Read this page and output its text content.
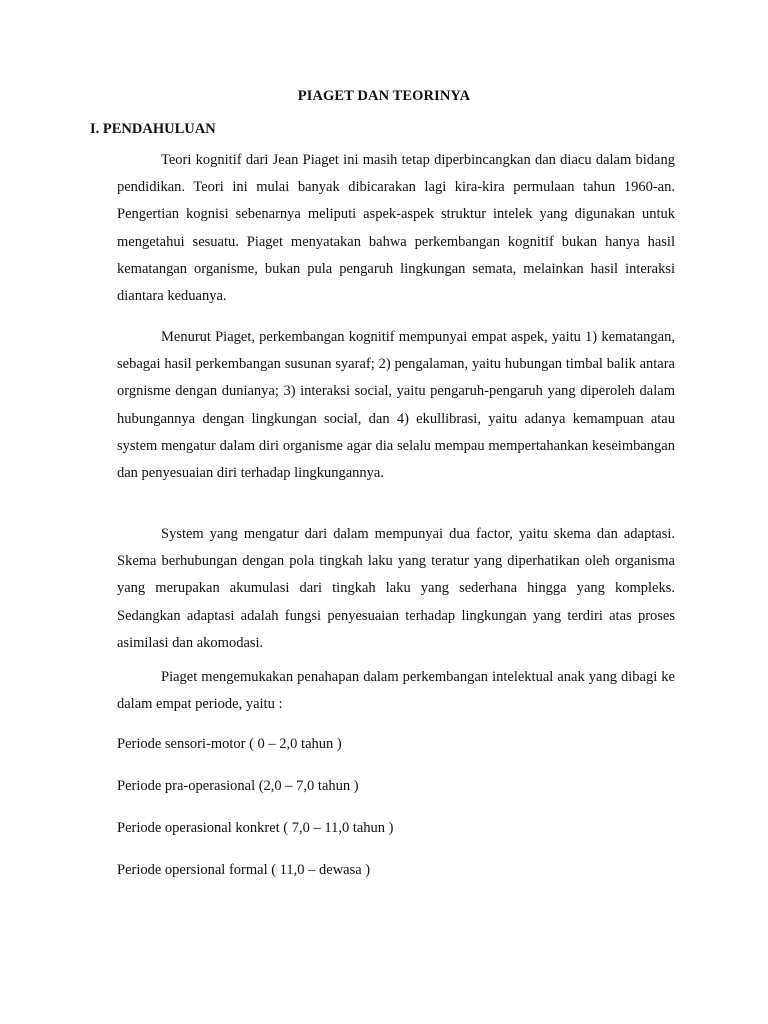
PIAGET DAN TEORINYA
I. PENDAHULUAN

Teori kognitif dari Jean Piaget ini masih tetap diperbincangkan dan diacu dalam bidang pendidikan. Teori ini mulai banyak dibicarakan lagi kira-kira permulaan tahun 1960-an. Pengertian kognisi sebenarnya meliputi aspek-aspek struktur intelek yang digunakan untuk mengetahui sesuatu. Piaget menyatakan bahwa perkembangan kognitif bukan hanya hasil kematangan organisme, bukan pula pengaruh lingkungan semata, melainkan hasil interaksi diantara keduanya.

Menurut Piaget, perkembangan kognitif mempunyai empat aspek, yaitu 1) kematangan, sebagai hasil perkembangan susunan syaraf; 2) pengalaman, yaitu hubungan timbal balik antara orgnisme dengan dunianya; 3) interaksi social, yaitu pengaruh-pengaruh yang diperoleh dalam hubungannya dengan lingkungan social, dan 4) ekullibrasi, yaitu adanya kemampuan atau system mengatur dalam diri organisme agar dia selalu mempau mempertahankan keseimbangan dan penyesuaian diri terhadap lingkungannya.

System yang mengatur dari dalam mempunyai dua factor, yaitu skema dan adaptasi. Skema berhubungan dengan pola tingkah laku yang teratur yang diperhatikan oleh organisma yang merupakan akumulasi dari tingkah laku yang sederhana hingga yang kompleks. Sedangkan adaptasi adalah fungsi penyesuaian terhadap lingkungan yang terdiri atas proses asimilasi dan akomodasi.

Piaget mengemukakan penahapan dalam perkembangan intelektual anak yang dibagi ke dalam empat periode, yaitu :

Periode sensori-motor ( 0 – 2,0 tahun )
Periode pra-operasional (2,0 – 7,0 tahun )
Periode operasional konkret ( 7,0 – 11,0 tahun )
Periode opersional formal ( 11,0 – dewasa )
